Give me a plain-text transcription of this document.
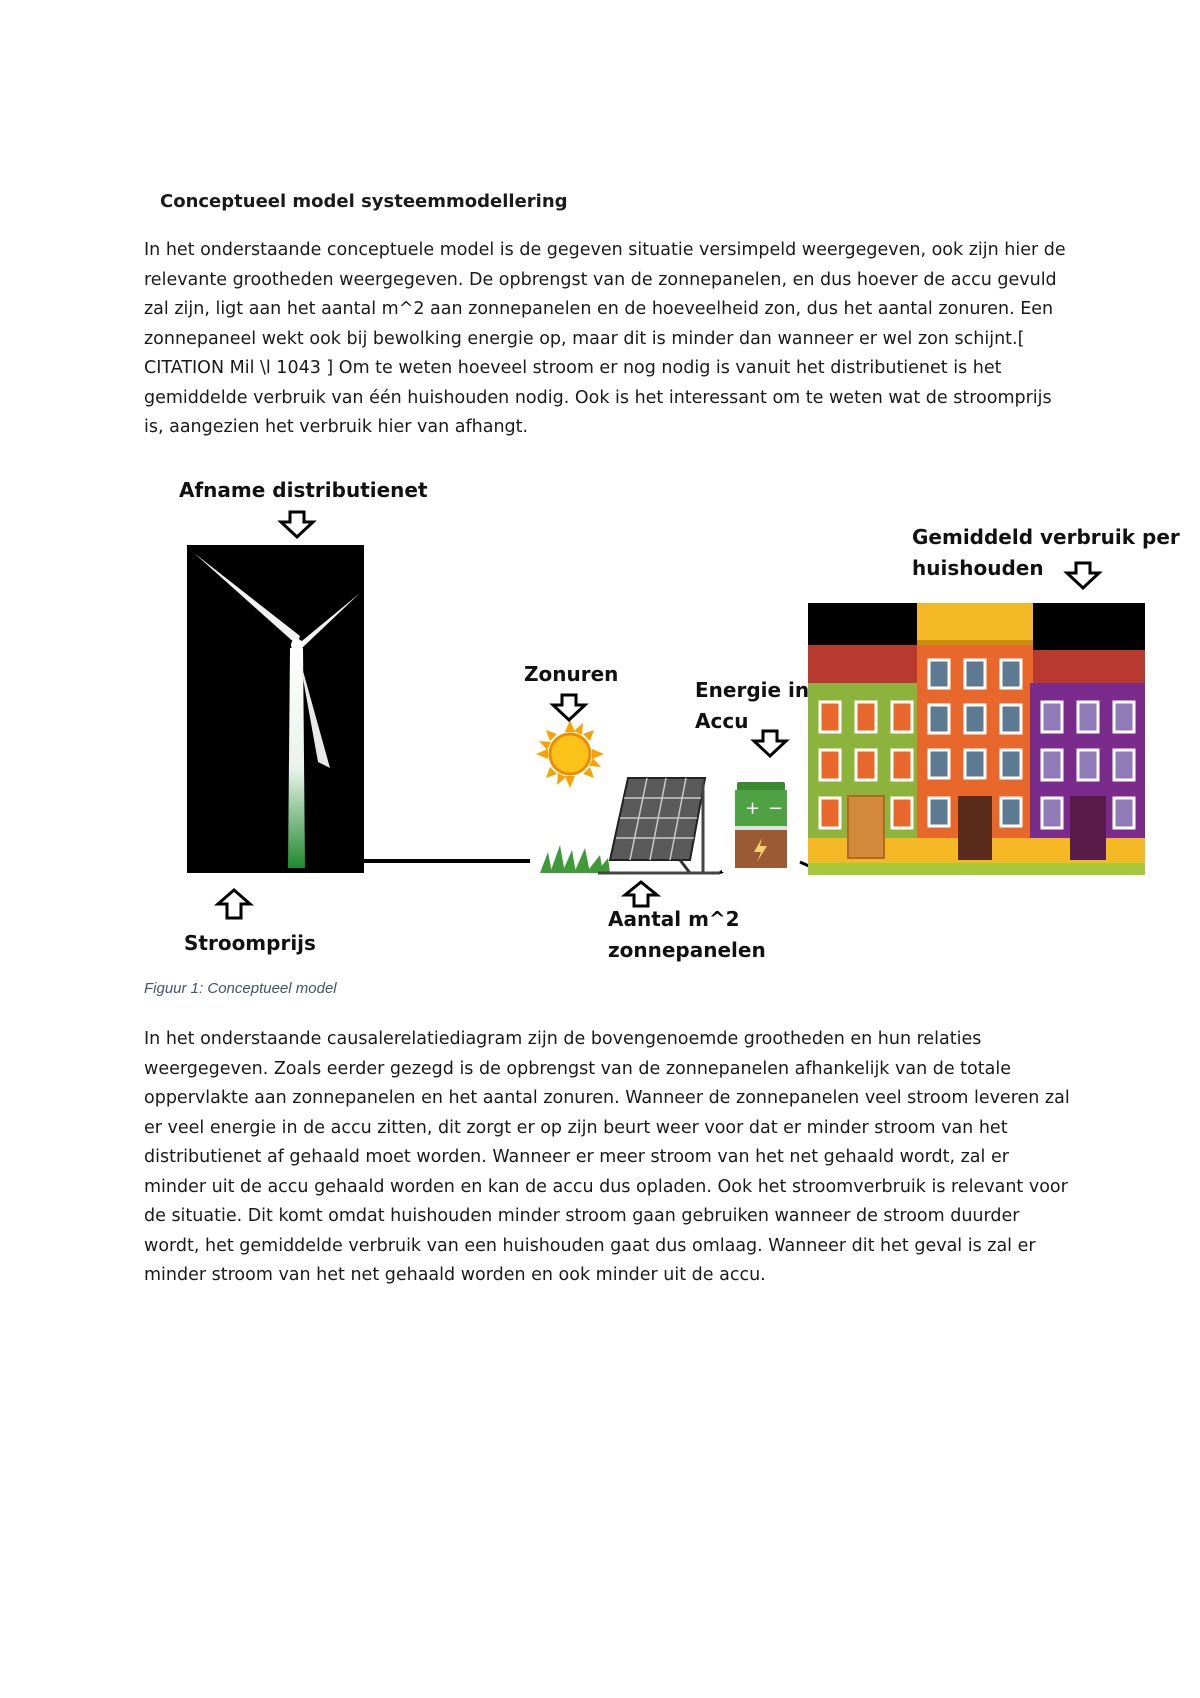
Conceptueel model systeemmodellering
In het onderstaande conceptuele model is de gegeven situatie versimpeld weergegeven, ook zijn hier de relevante grootheden weergegeven. De opbrengst van de zonnepanelen, en dus hoever de accu gevuld zal zijn, ligt aan het aantal m^2 aan zonnepanelen en de hoeveelheid zon, dus het aantal zonuren. Een zonnepaneel wekt ook bij bewolking energie op, maar dit is minder dan wanneer er wel zon schijnt.[ CITATION Mil \l 1043 ] Om te weten hoeveel stroom er nog nodig is vanuit het distributienet is het gemiddelde verbruik van één huishouden nodig. Ook is het interessant om te weten wat de stroomprijs is, aangezien het verbruik hier van afhangt.
+ −
Afname distributienet
Gemiddeld verbruik per
huishouden
Zonuren
Energie in
Accu
Stroomprijs
Aantal m^2
zonnepanelen
Figuur 1: Conceptueel model
In het onderstaande causalerelatiediagram zijn de bovengenoemde grootheden en hun relaties weergegeven. Zoals eerder gezegd is de opbrengst van de zonnepanelen afhankelijk van de totale oppervlakte aan zonnepanelen en het aantal zonuren. Wanneer de zonnepanelen veel stroom leveren zal er veel energie in de accu zitten, dit zorgt er op zijn beurt weer voor dat er minder stroom van het distributienet af gehaald moet worden. Wanneer er meer stroom van het net gehaald wordt, zal er minder uit de accu gehaald worden en kan de accu dus opladen. Ook het stroomverbruik is relevant voor de situatie. Dit komt omdat huishouden minder stroom gaan gebruiken wanneer de stroom duurder wordt, het gemiddelde verbruik van een huishouden gaat dus omlaag. Wanneer dit het geval is zal er minder stroom van het net gehaald worden en ook minder uit de accu.
